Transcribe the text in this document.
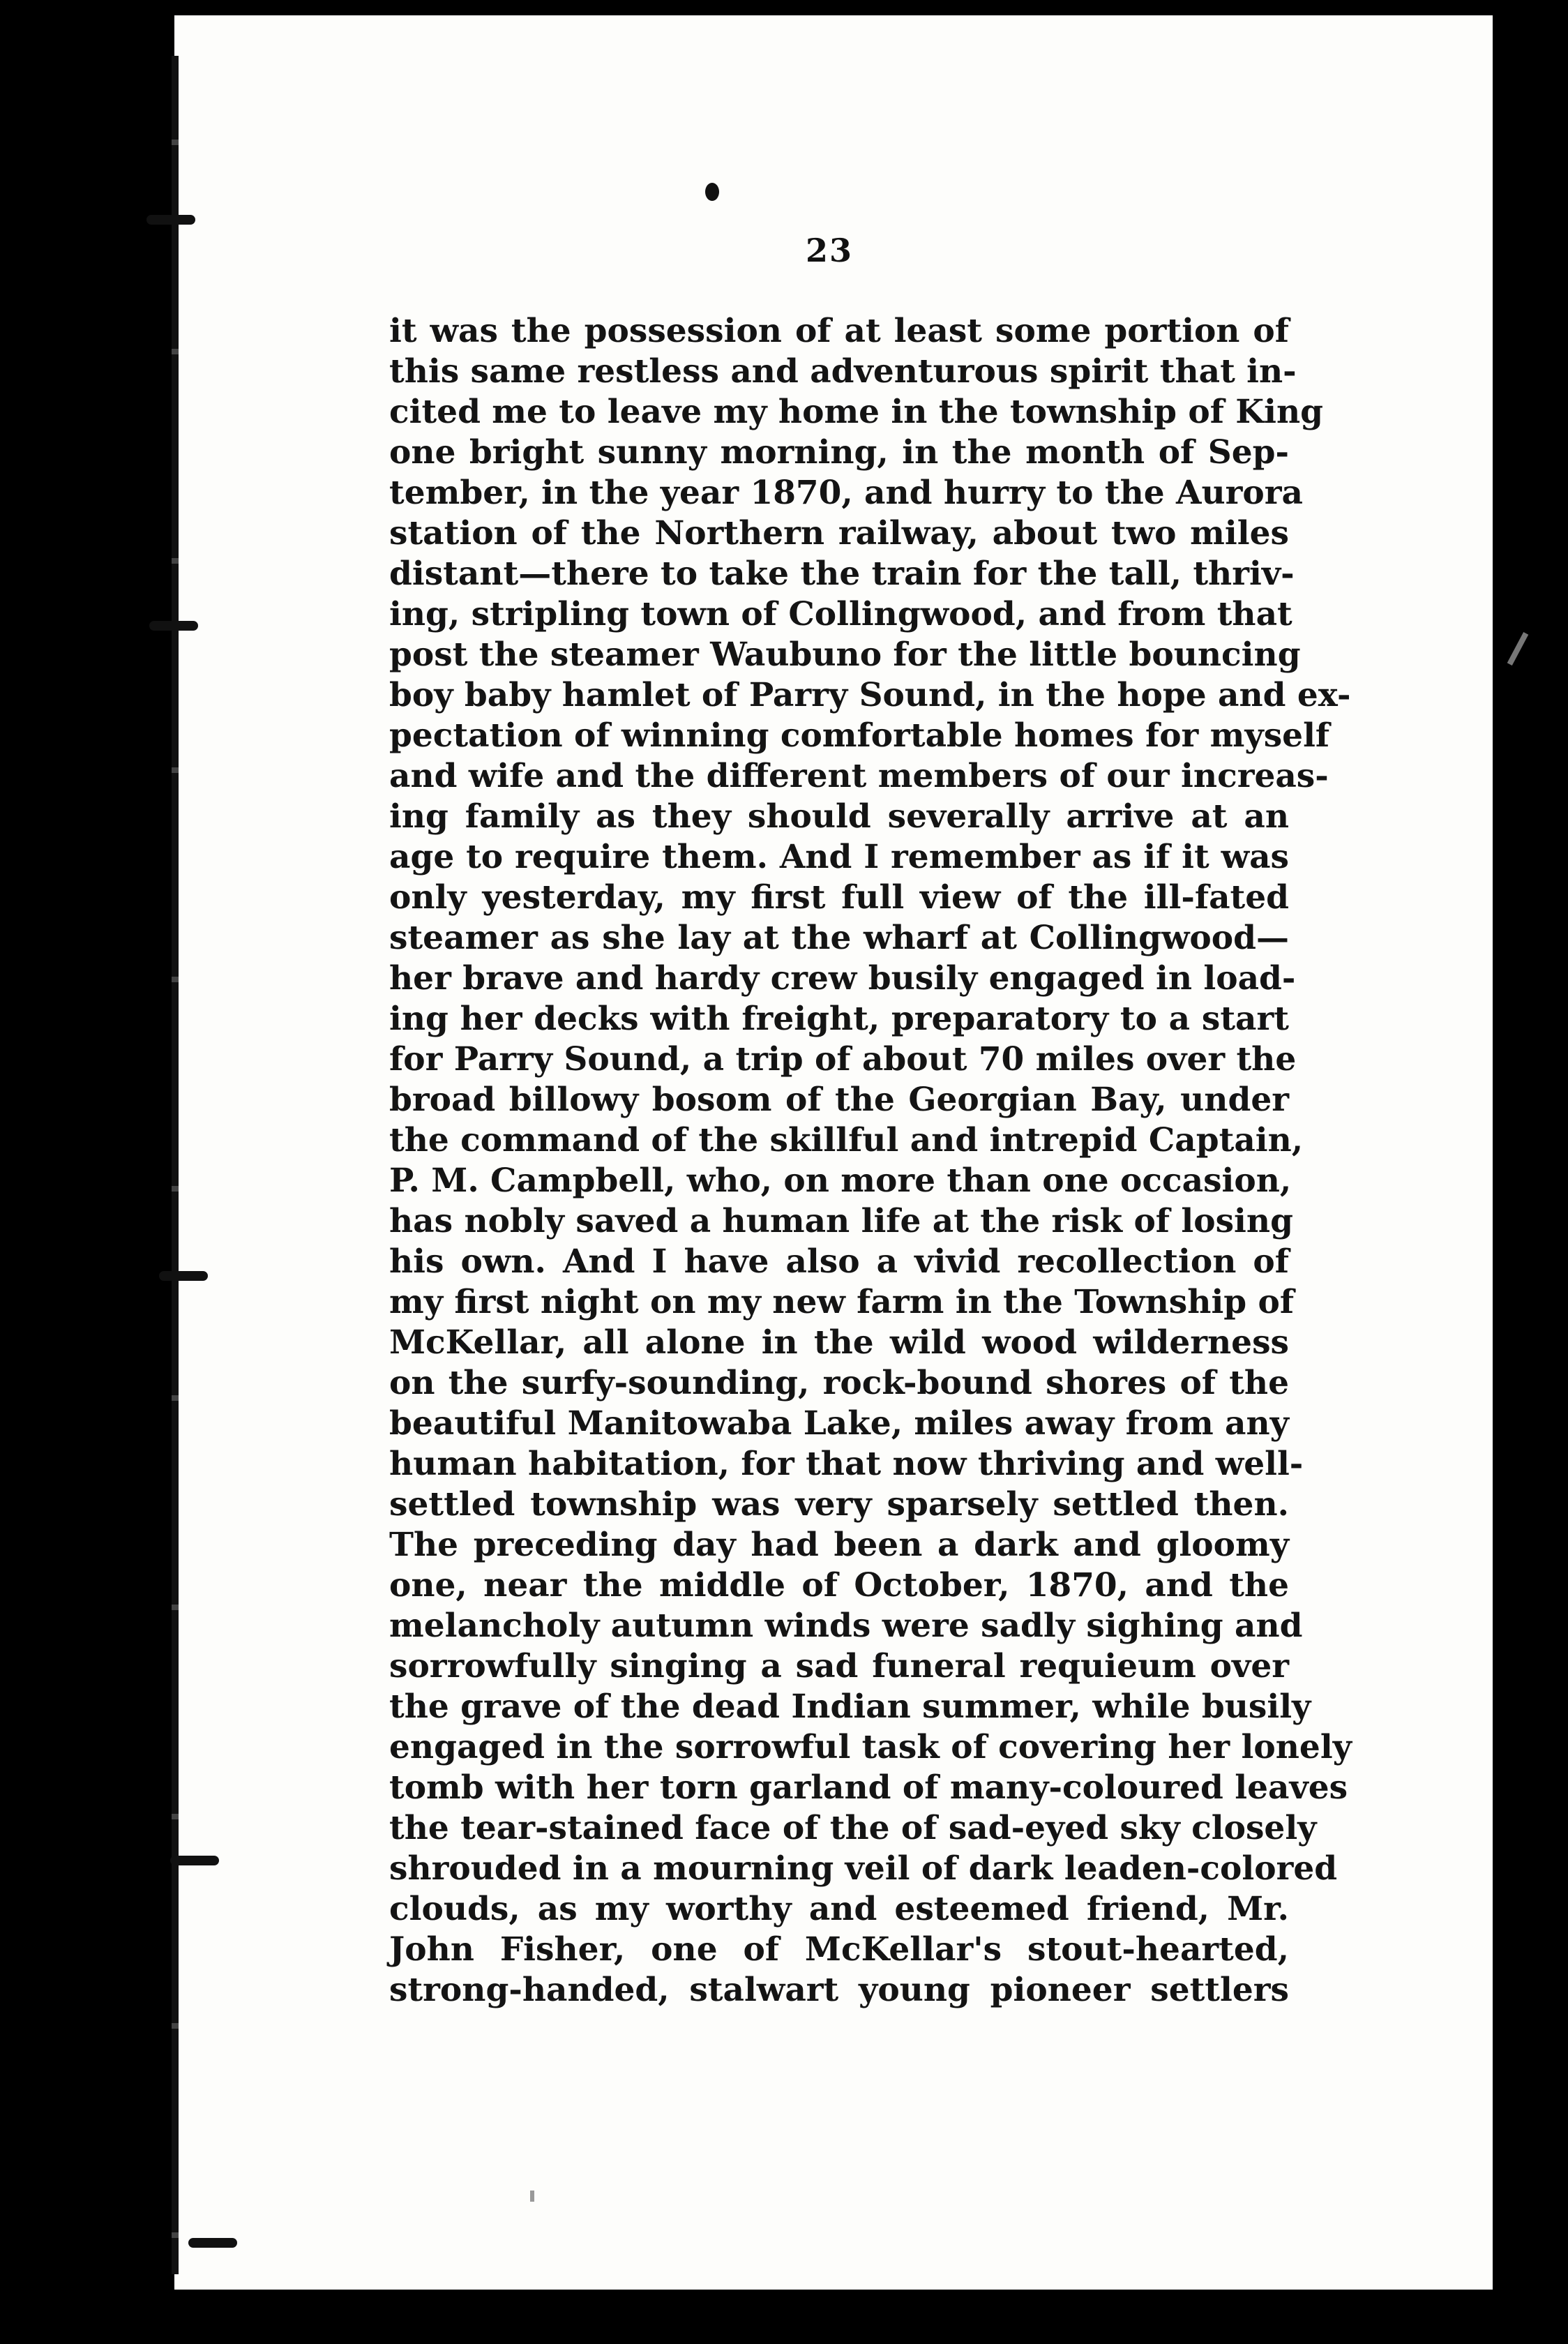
23
it was the possession of at least some portion of
this same restless and adventurous spirit that in-
cited me to leave my home in the township of King
one bright sunny morning, in the month of Sep-
tember, in the year 1870, and hurry to the Aurora
station of the Northern railway, about two miles
distant—there to take the train for the tall, thriv-
ing, stripling town of Collingwood, and from that
post the steamer Waubuno for the little bouncing
boy baby hamlet of Parry Sound, in the hope and ex-
pectation of winning comfortable homes for myself
and wife and the different members of our increas-
ing family as they should severally arrive at an
age to require them. And I remember as if it was
only yesterday, my first full view of the ill-fated
steamer as she lay at the wharf at Collingwood—
her brave and hardy crew busily engaged in load-
ing her decks with freight, preparatory to a start
for Parry Sound, a trip of about 70 miles over the
broad billowy bosom of the Georgian Bay, under
the command of the skillful and intrepid Captain,
P. M. Campbell, who, on more than one occasion,
has nobly saved a human life at the risk of losing
his own. And I have also a vivid recollection of
my first night on my new farm in the Township of
McKellar, all alone in the wild wood wilderness
on the surfy-sounding, rock-bound shores of the
beautiful Manitowaba Lake, miles away from any
human habitation, for that now thriving and well-
settled township was very sparsely settled then.
The preceding day had been a dark and gloomy
one, near the middle of October, 1870, and the
melancholy autumn winds were sadly sighing and
sorrowfully singing a sad funeral requieum over
the grave of the dead Indian summer, while busily
engaged in the sorrowful task of covering her lonely
tomb with her torn garland of many-coloured leaves
the tear-stained face of the of sad-eyed sky closely
shrouded in a mourning veil of dark leaden-colored
clouds, as my worthy and esteemed friend, Mr.
John Fisher, one of McKellar's stout-hearted,
strong-handed, stalwart young pioneer settlers
